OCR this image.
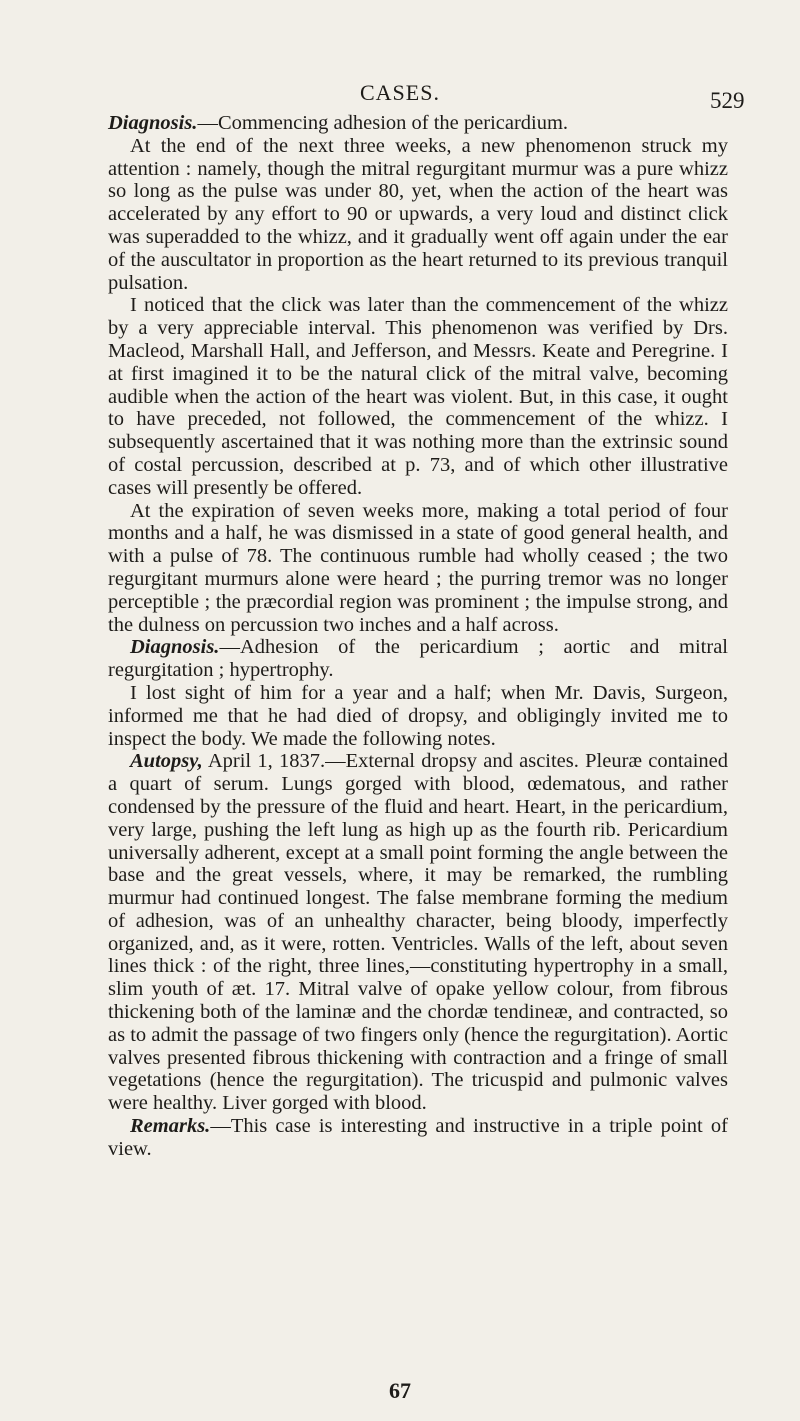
CASES.	529

Diagnosis.—Commencing adhesion of the pericardium.

At the end of the next three weeks, a new phenomenon struck my attention : namely, though the mitral regurgitant murmur was a pure whizz so long as the pulse was under 80, yet, when the action of the heart was accelerated by any effort to 90 or upwards, a very loud and distinct click was superadded to the whizz, and it gradually went off again under the ear of the auscultator in proportion as the heart returned to its previous tranquil pulsation.

I noticed that the click was later than the commencement of the whizz by a very appreciable interval. This phenomenon was verified by Drs. Macleod, Marshall Hall, and Jefferson, and Messrs. Keate and Peregrine. I at first imagined it to be the natural click of the mitral valve, becoming audible when the action of the heart was violent. But, in this case, it ought to have preceded, not followed, the commencement of the whizz. I subsequently ascertained that it was nothing more than the extrinsic sound of costal percussion, described at p. 73, and of which other illustrative cases will presently be offered.

At the expiration of seven weeks more, making a total period of four months and a half, he was dismissed in a state of good general health, and with a pulse of 78. The continuous rumble had wholly ceased ; the two regurgitant murmurs alone were heard ; the purring tremor was no longer perceptible ; the præcordial region was prominent ; the impulse strong, and the dulness on percussion two inches and a half across.

Diagnosis.—Adhesion of the pericardium ; aortic and mitral regurgitation ; hypertrophy.

I lost sight of him for a year and a half; when Mr. Davis, Surgeon, informed me that he had died of dropsy, and obligingly invited me to inspect the body. We made the following notes.

Autopsy, April 1, 1837.—External dropsy and ascites. Pleuræ contained a quart of serum. Lungs gorged with blood, œdematous, and rather condensed by the pressure of the fluid and heart. Heart, in the pericardium, very large, pushing the left lung as high up as the fourth rib. Pericardium universally adherent, except at a small point forming the angle between the base and the great vessels, where, it may be remarked, the rumbling murmur had continued longest. The false membrane forming the medium of adhesion, was of an unhealthy character, being bloody, imperfectly organized, and, as it were, rotten. Ventricles. Walls of the left, about seven lines thick : of the right, three lines,—constituting hypertrophy in a small, slim youth of æt. 17. Mitral valve of opake yellow colour, from fibrous thickening both of the laminæ and the chordæ tendineæ, and contracted, so as to admit the passage of two fingers only (hence the regurgitation). Aortic valves presented fibrous thickening with contraction and a fringe of small vegetations (hence the regurgitation). The tricuspid and pulmonic valves were healthy. Liver gorged with blood.

Remarks.—This case is interesting and instructive in a triple point of view.

67
